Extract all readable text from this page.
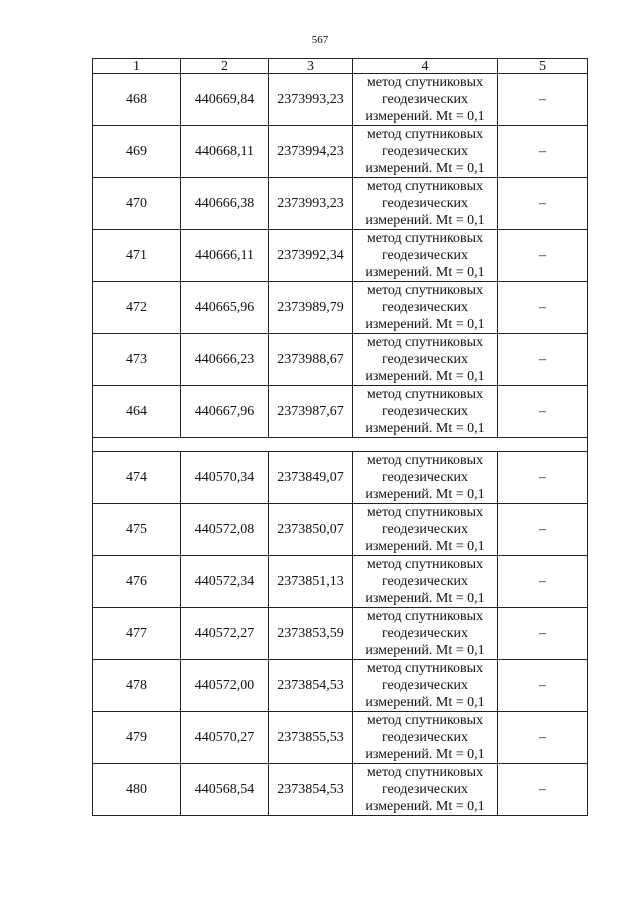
567
1	2	3	4	5
468	440669,84	2373993,23	метод спутниковых геодезических измерений. Mt = 0,1	–
469	440668,11	2373994,23	метод спутниковых геодезических измерений. Mt = 0,1	–
470	440666,38	2373993,23	метод спутниковых геодезических измерений. Mt = 0,1	–
471	440666,11	2373992,34	метод спутниковых геодезических измерений. Mt = 0,1	–
472	440665,96	2373989,79	метод спутниковых геодезических измерений. Mt = 0,1	–
473	440666,23	2373988,67	метод спутниковых геодезических измерений. Mt = 0,1	–
464	440667,96	2373987,67	метод спутниковых геодезических измерений. Mt = 0,1	–

474	440570,34	2373849,07	метод спутниковых геодезических измерений. Mt = 0,1	–
475	440572,08	2373850,07	метод спутниковых геодезических измерений. Mt = 0,1	–
476	440572,34	2373851,13	метод спутниковых геодезических измерений. Mt = 0,1	–
477	440572,27	2373853,59	метод спутниковых геодезических измерений. Mt = 0,1	–
478	440572,00	2373854,53	метод спутниковых геодезических измерений. Mt = 0,1	–
479	440570,27	2373855,53	метод спутниковых геодезических измерений. Mt = 0,1	–
480	440568,54	2373854,53	метод спутниковых геодезических измерений. Mt = 0,1	–
